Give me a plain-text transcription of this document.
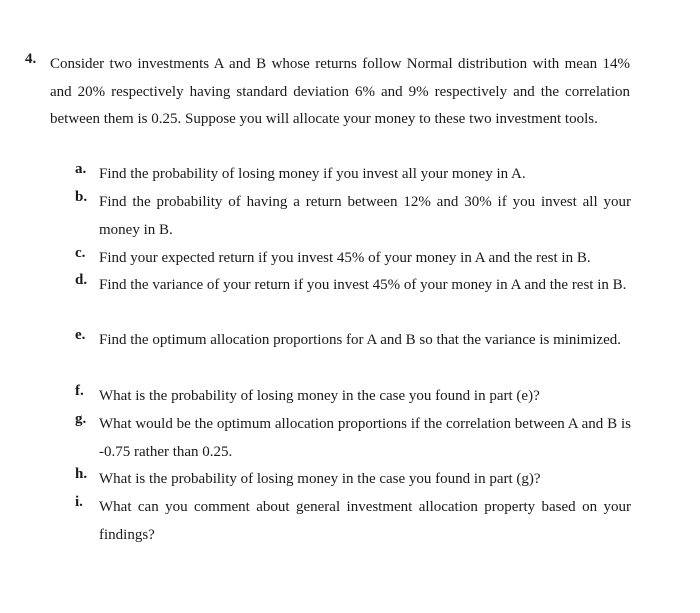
4. Consider two investments A and B whose returns follow Normal distribution with mean 14% and 20% respectively having standard deviation 6% and 9% respectively and the correlation between them is 0.25. Suppose you will allocate your money to these two investment tools.
a. Find the probability of losing money if you invest all your money in A.
b. Find the probability of having a return between 12% and 30% if you invest all your money in B.
c. Find your expected return if you invest 45% of your money in A and the rest in B.
d. Find the variance of your return if you invest 45% of your money in A and the rest in B.
e. Find the optimum allocation proportions for A and B so that the variance is minimized.
f.	What is the probability of losing money in the case you found in part (e)?
g. What would be the optimum allocation proportions if the correlation between A and B is -0.75 rather than 0.25.
h. What is the probability of losing money in the case you found in part (g)?
i.	What can you comment about general investment allocation property based on your findings?
